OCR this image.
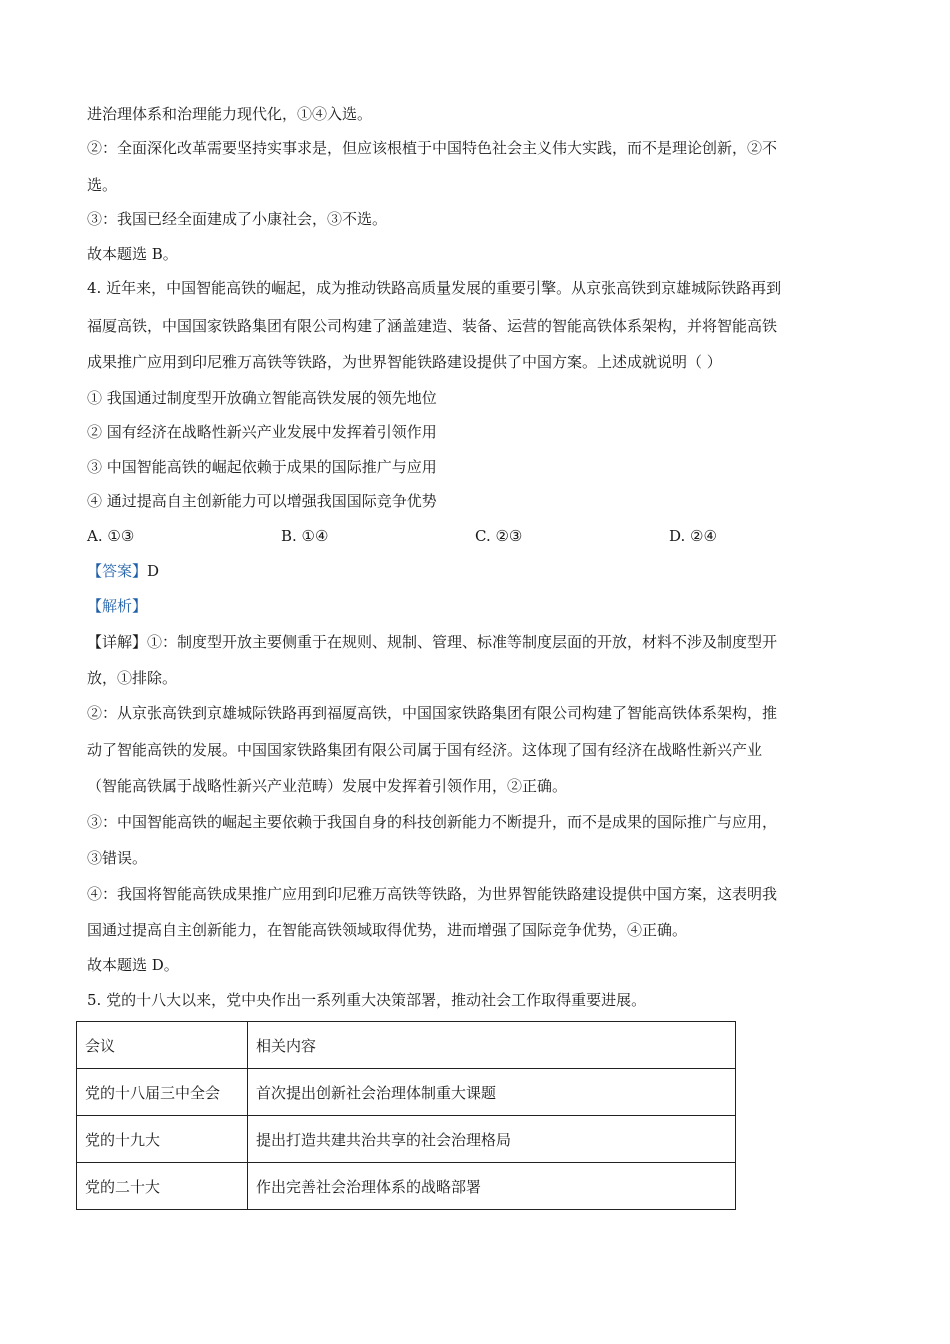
进治理体系和治理能力现代化，①④入选。
②：全面深化改革需要坚持实事求是，但应该根植于中国特色社会主义伟大实践，而不是理论创新，②不
选。
③：我国已经全面建成了小康社会，③不选。
故本题选 B。
4. 近年来，中国智能高铁的崛起，成为推动铁路高质量发展的重要引擎。从京张高铁到京雄城际铁路再到
福厦高铁，中国国家铁路集团有限公司构建了涵盖建造、装备、运营的智能高铁体系架构，并将智能高铁
成果推广应用到印尼雅万高铁等铁路，为世界智能铁路建设提供了中国方案。上述成就说明（ ）
① 我国通过制度型开放确立智能高铁发展的领先地位
② 国有经济在战略性新兴产业发展中发挥着引领作用
③ 中国智能高铁的崛起依赖于成果的国际推广与应用
④ 通过提高自主创新能力可以增强我国国际竞争优势
A. ①③	B. ①④	C. ②③	D. ②④
【答案】D
【解析】
【详解】①：制度型开放主要侧重于在规则、规制、管理、标准等制度层面的开放，材料不涉及制度型开
放，①排除。
②：从京张高铁到京雄城际铁路再到福厦高铁，中国国家铁路集团有限公司构建了智能高铁体系架构，推
动了智能高铁的发展。中国国家铁路集团有限公司属于国有经济。这体现了国有经济在战略性新兴产业
（智能高铁属于战略性新兴产业范畴）发展中发挥着引领作用，②正确。
③：中国智能高铁的崛起主要依赖于我国自身的科技创新能力不断提升，而不是成果的国际推广与应用，
③错误。
④：我国将智能高铁成果推广应用到印尼雅万高铁等铁路，为世界智能铁路建设提供中国方案，这表明我
国通过提高自主创新能力，在智能高铁领域取得优势，进而增强了国际竞争优势，④正确。
故本题选 D。
5. 党的十八大以来，党中央作出一系列重大决策部署，推动社会工作取得重要进展。
会议	相关内容
党的十八届三中全会	首次提出创新社会治理体制重大课题
党的十九大	提出打造共建共治共享的社会治理格局
党的二十大	作出完善社会治理体系的战略部署
